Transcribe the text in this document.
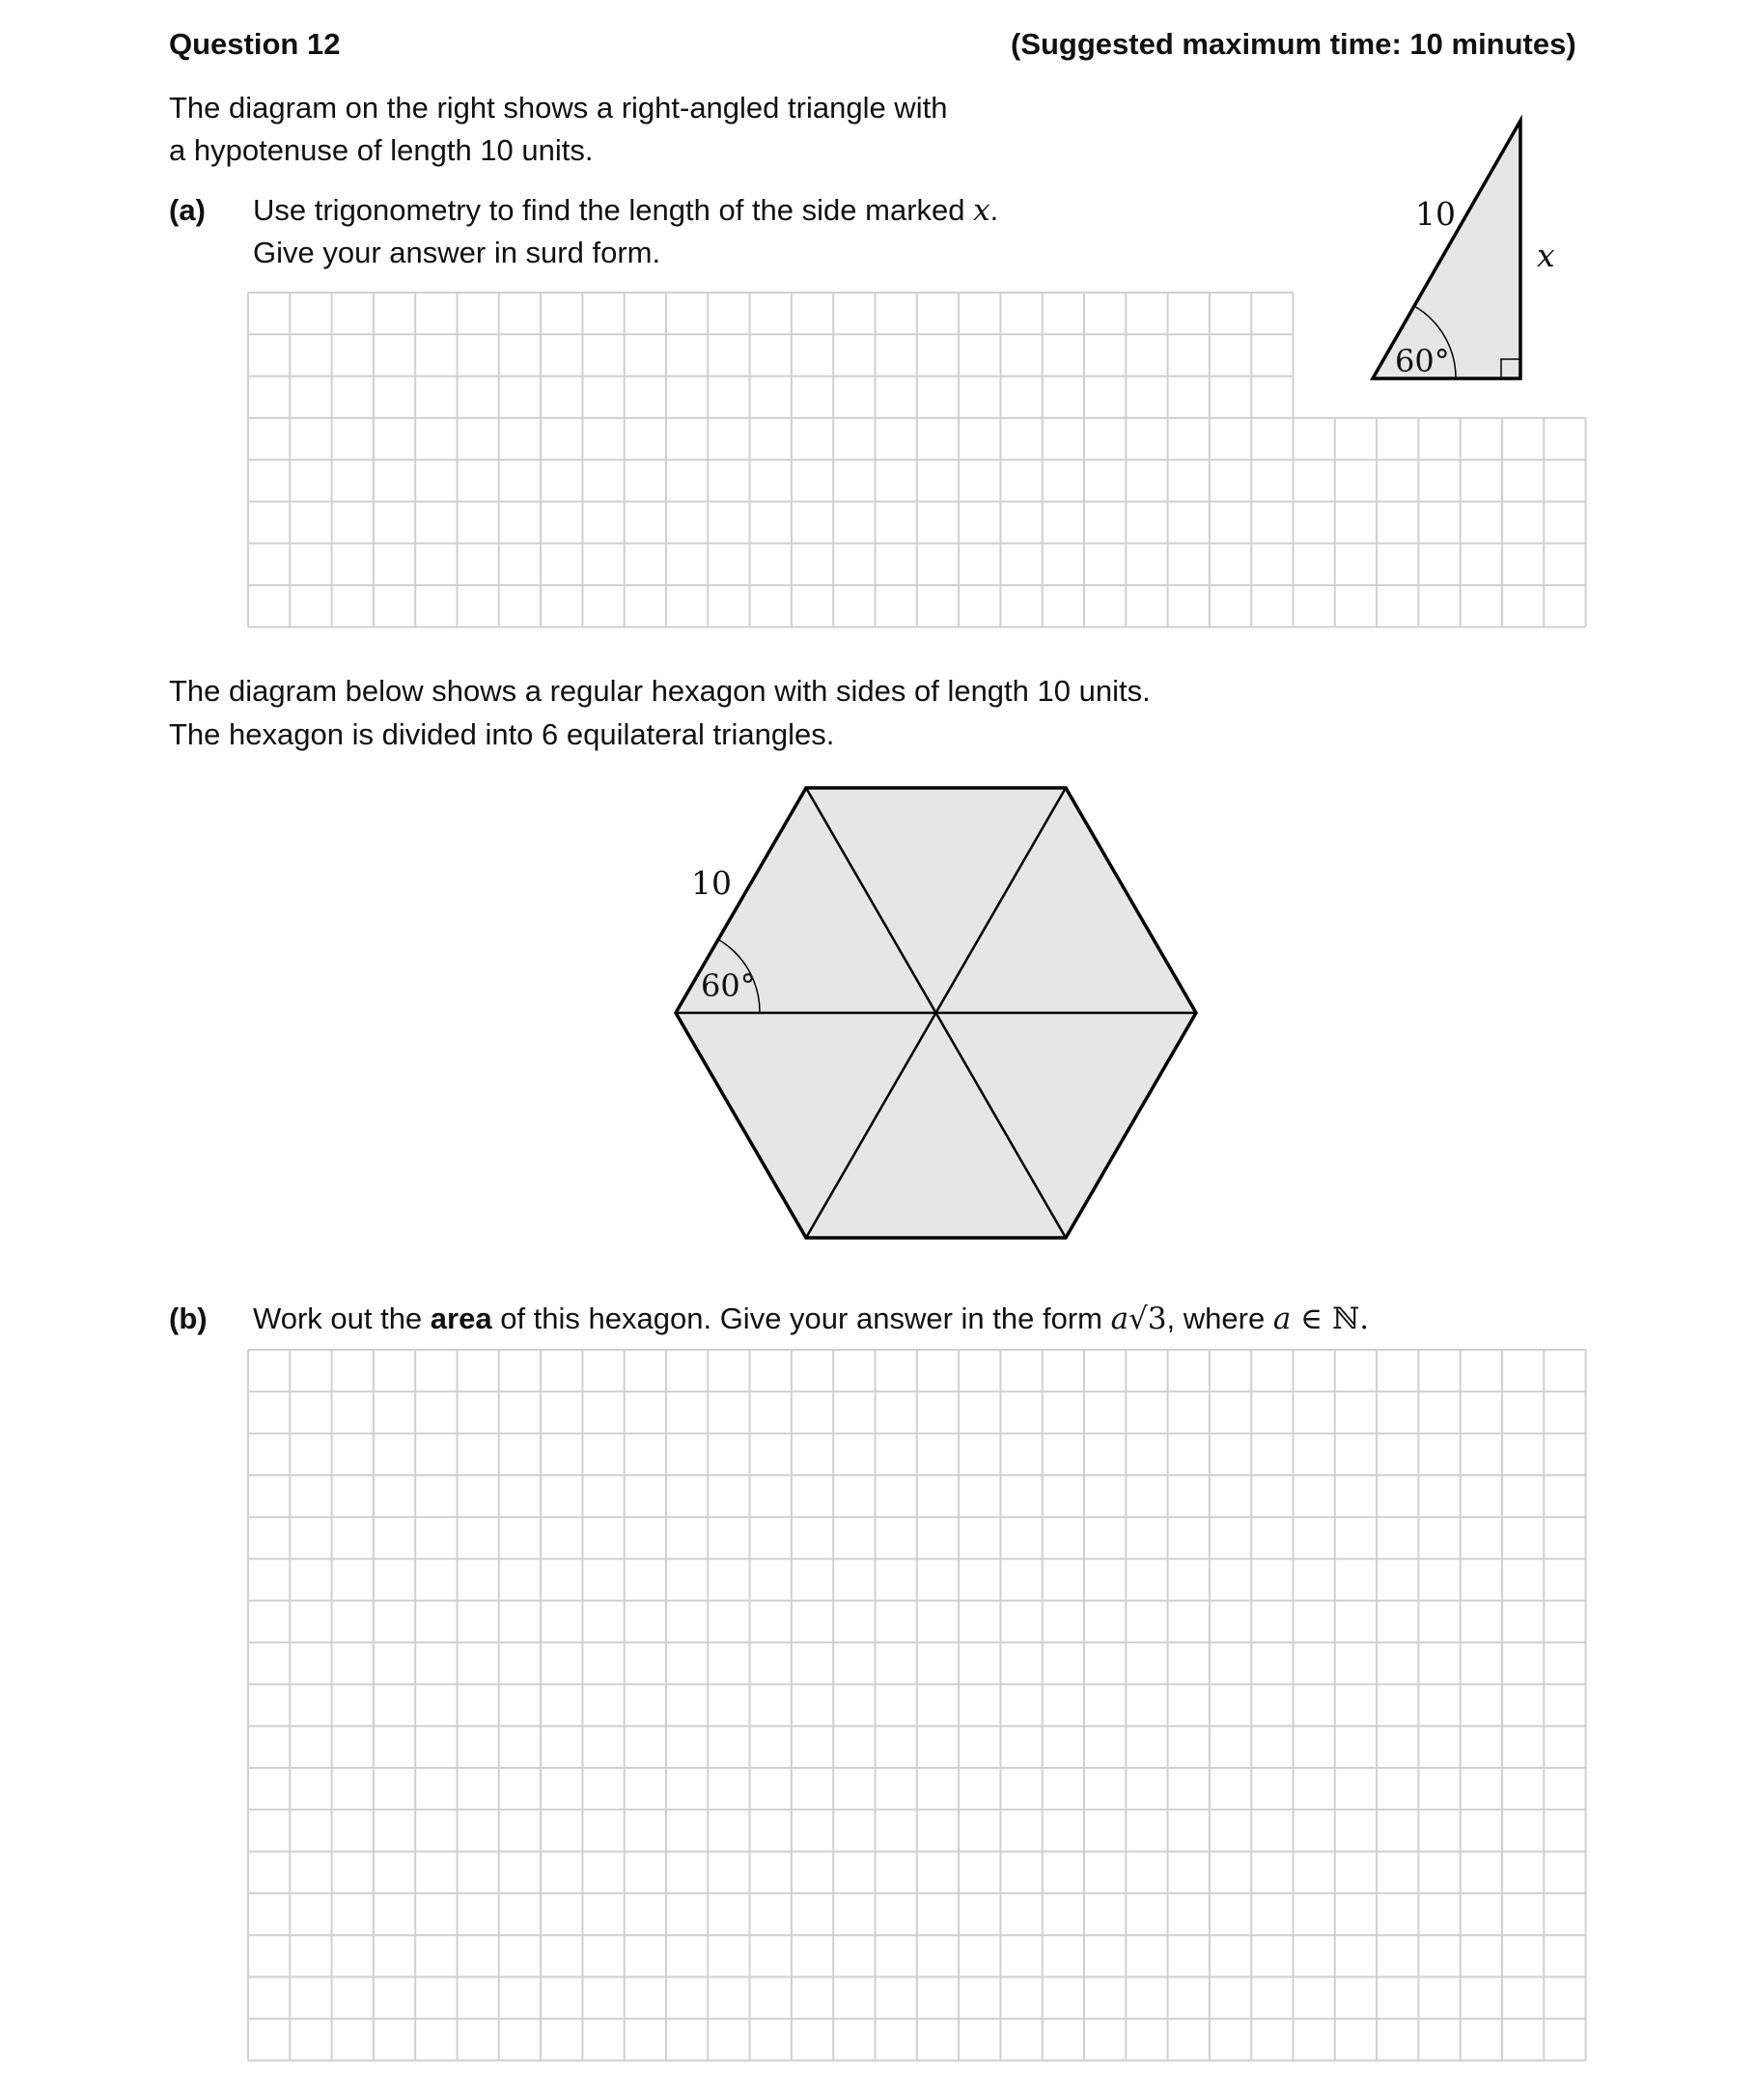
Question 12	(Suggested maximum time: 10 minutes)
The diagram on the right shows a right-angled triangle with
a hypotenuse of length 10 units.
(a) Use trigonometry to find the length of the side marked x.
Give your answer in surd form.
The diagram below shows a regular hexagon with sides of length 10 units.
The hexagon is divided into 6 equilateral triangles.
(b) Work out the area of this hexagon. Give your answer in the form a√3, where a ∈ ℕ.
10
x
60°
10
60°
